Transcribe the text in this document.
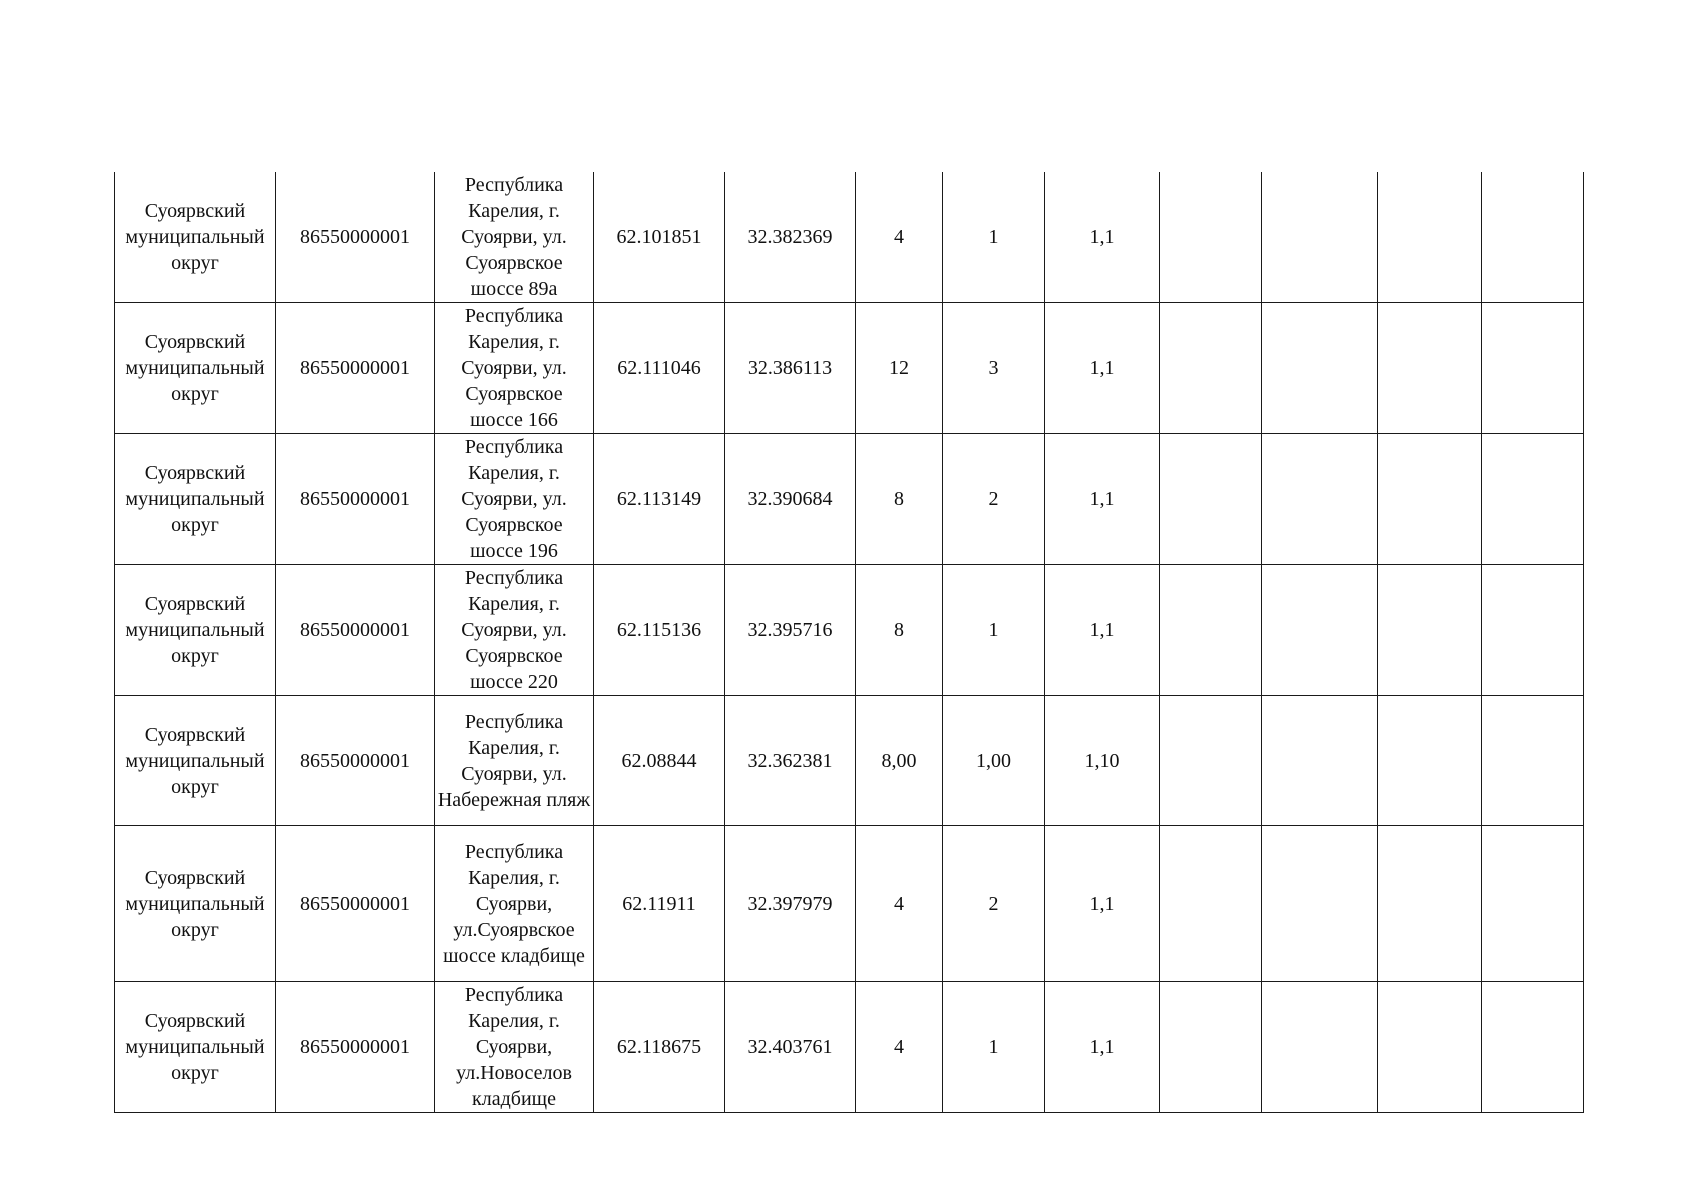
Суоярвский муниципальный округ	86550000001	Республика Карелия, г. Суоярви, ул. Суоярвское шоссе 89а	62.101851	32.382369	4	1	1,1				
Суоярвский муниципальный округ	86550000001	Республика Карелия, г. Суоярви, ул. Суоярвское шоссе 166	62.111046	32.386113	12	3	1,1				
Суоярвский муниципальный округ	86550000001	Республика Карелия, г. Суоярви, ул. Суоярвское шоссе 196	62.113149	32.390684	8	2	1,1				
Суоярвский муниципальный округ	86550000001	Республика Карелия, г. Суоярви, ул. Суоярвское шоссе 220	62.115136	32.395716	8	1	1,1				
Суоярвский муниципальный округ	86550000001	Республика Карелия, г. Суоярви, ул. Набережная пляж	62.08844	32.362381	8,00	1,00	1,10				
Суоярвский муниципальный округ	86550000001	Республика Карелия, г. Суоярви, ул.Суоярвское шоссе кладбище	62.11911	32.397979	4	2	1,1				
Суоярвский муниципальный округ	86550000001	Республика Карелия, г. Суоярви, ул.Новоселов кладбище	62.118675	32.403761	4	1	1,1				
